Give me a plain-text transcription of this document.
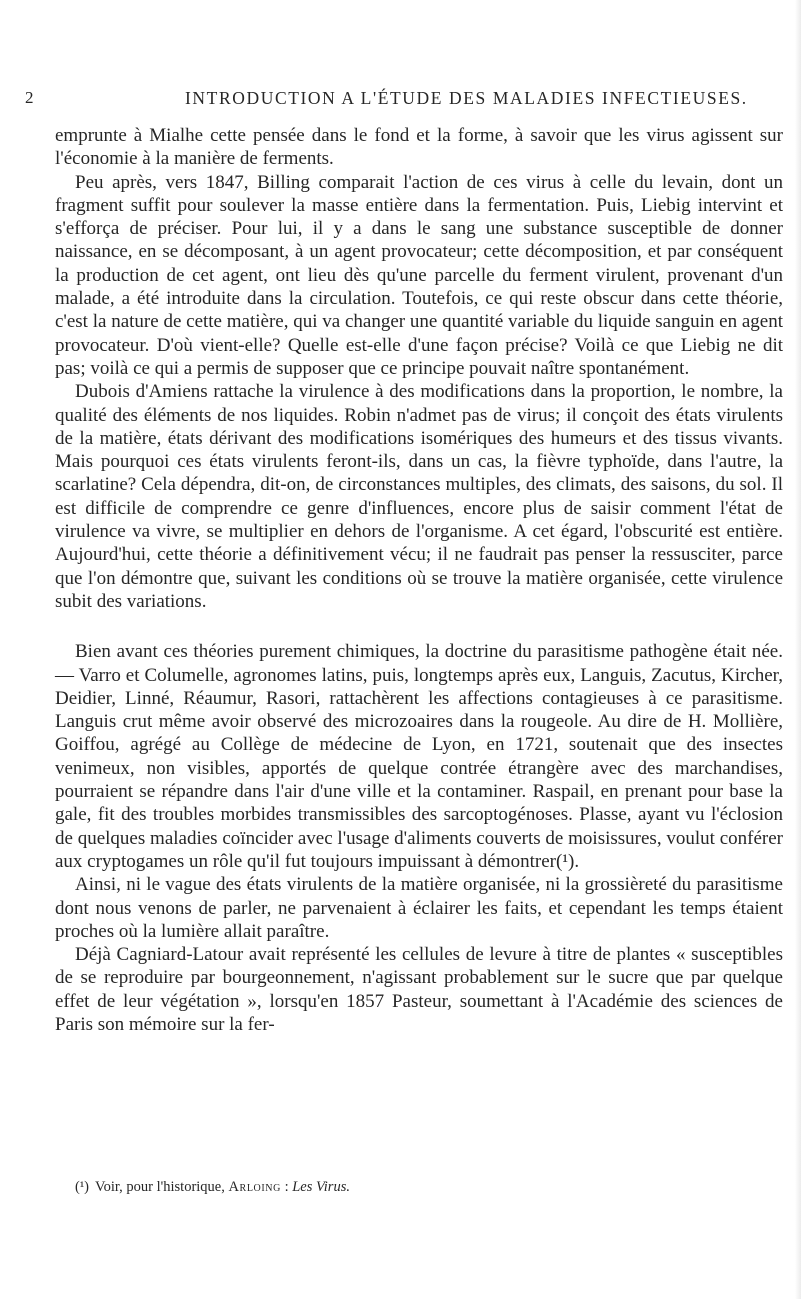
2	INTRODUCTION A L'ÉTUDE DES MALADIES INFECTIEUSES.

emprunte à Mialhe cette pensée dans le fond et la forme, à savoir que les virus agissent sur l'économie à la manière de ferments.

Peu après, vers 1847, Billing comparait l'action de ces virus à celle du levain, dont un fragment suffit pour soulever la masse entière dans la fermentation. Puis, Liebig intervint et s'efforça de préciser. Pour lui, il y a dans le sang une substance susceptible de donner naissance, en se décomposant, à un agent provocateur; cette décomposition, et par conséquent la production de cet agent, ont lieu dès qu'une parcelle du ferment virulent, provenant d'un malade, a été introduite dans la circulation. Toutefois, ce qui reste obscur dans cette théorie, c'est la nature de cette matière, qui va changer une quantité variable du liquide sanguin en agent provocateur. D'où vient-elle? Quelle est-elle d'une façon précise? Voilà ce que Liebig ne dit pas; voilà ce qui a permis de supposer que ce principe pouvait naître spontanément.

Dubois d'Amiens rattache la virulence à des modifications dans la proportion, le nombre, la qualité des éléments de nos liquides. Robin n'admet pas de virus; il conçoit des états virulents de la matière, états dérivant des modifications isomériques des humeurs et des tissus vivants. Mais pourquoi ces états virulents feront-ils, dans un cas, la fièvre typhoïde, dans l'autre, la scarlatine? Cela dépendra, dit-on, de circonstances multiples, des climats, des saisons, du sol. Il est difficile de comprendre ce genre d'influences, encore plus de saisir comment l'état de virulence va vivre, se multiplier en dehors de l'organisme. A cet égard, l'obscurité est entière. Aujourd'hui, cette théorie a définitivement vécu; il ne faudrait pas penser la ressusciter, parce que l'on démontre que, suivant les conditions où se trouve la matière organisée, cette virulence subit des variations.

Bien avant ces théories purement chimiques, la doctrine du parasitisme pathogène était née. — Varro et Columelle, agronomes latins, puis, longtemps après eux, Languis, Zacutus, Kircher, Deidier, Linné, Réaumur, Rasori, rattachèrent les affections contagieuses à ce parasitisme. Languis crut même avoir observé des microzoaires dans la rougeole. Au dire de H. Mollière, Goiffou, agrégé au Collège de médecine de Lyon, en 1721, soutenait que des insectes venimeux, non visibles, apportés de quelque contrée étrangère avec des marchandises, pourraient se répandre dans l'air d'une ville et la contaminer. Raspail, en prenant pour base la gale, fit des troubles morbides transmissibles des sarcoptogénoses. Plasse, ayant vu l'éclosion de quelques maladies coïncider avec l'usage d'aliments couverts de moisissures, voulut conférer aux cryptogames un rôle qu'il fut toujours impuissant à démontrer(¹).

Ainsi, ni le vague des états virulents de la matière organisée, ni la grossièreté du parasitisme dont nous venons de parler, ne parvenaient à éclairer les faits, et cependant les temps étaient proches où la lumière allait paraître.

Déjà Cagniard-Latour avait représenté les cellules de levure à titre de plantes « susceptibles de se reproduire par bourgeonnement, n'agissant probablement sur le sucre que par quelque effet de leur végétation », lorsqu'en 1857 Pasteur, soumettant à l'Académie des sciences de Paris son mémoire sur la fer-

(¹) Voir, pour l'historique, Arloing : Les Virus.
